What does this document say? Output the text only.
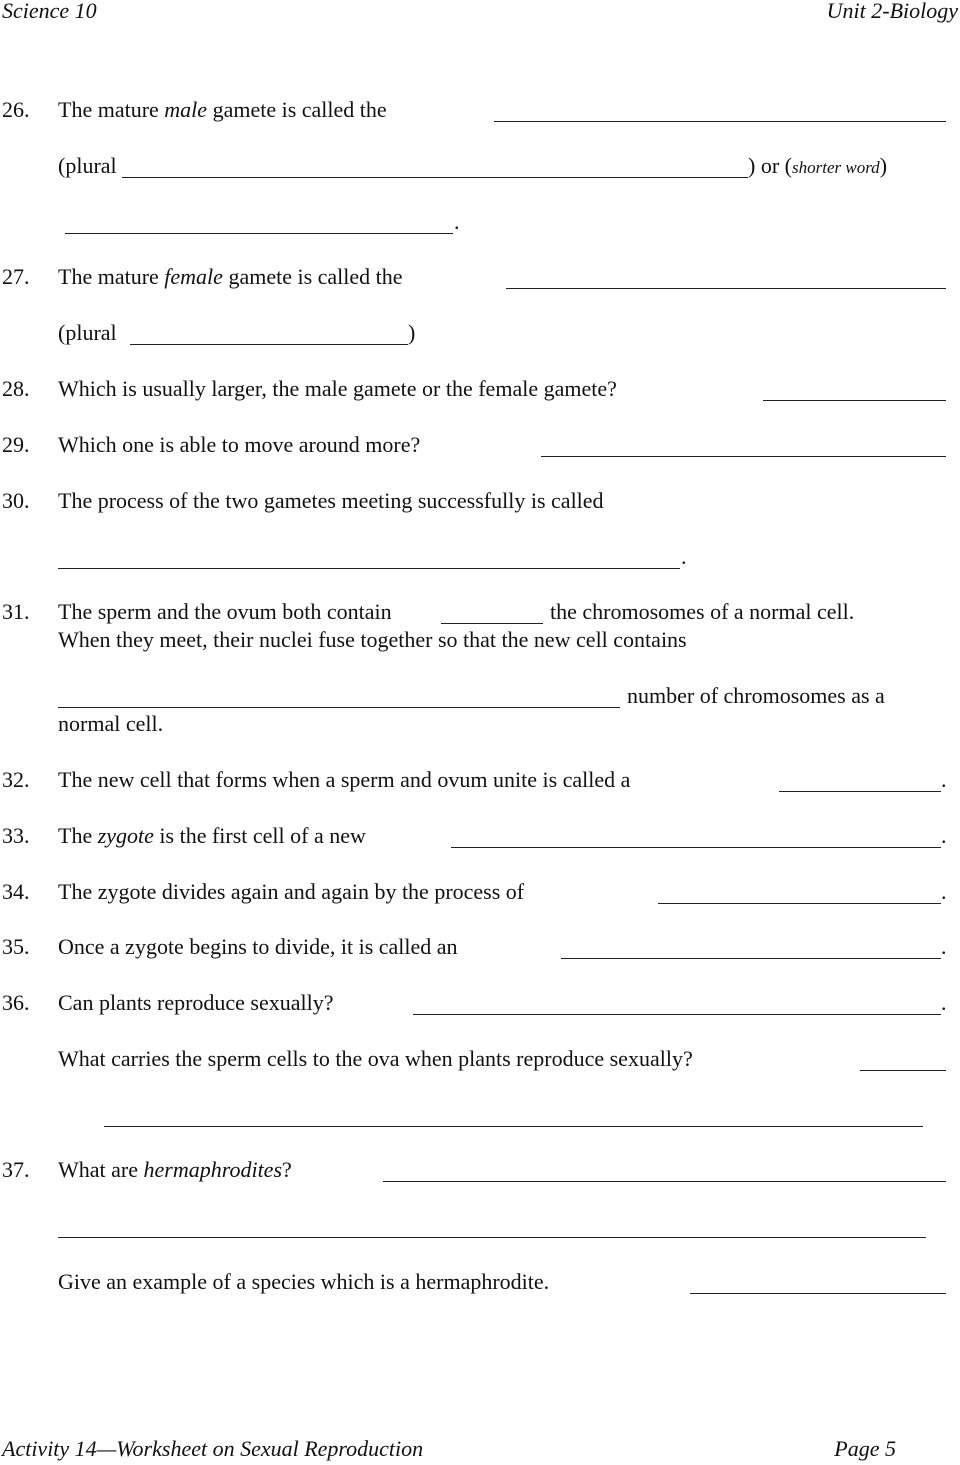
Science 10	Unit 2-Biology
26. The mature male gamete is called the
(plural	) or (shorter word)
.
27. The mature female gamete is called the
(plural	)
28. Which is usually larger, the male gamete or the female gamete?
29. Which one is able to move around more?
30. The process of the two gametes meeting successfully is called
.
31. The sperm and the ovum both contain	the chromosomes of a normal cell.
When they meet, their nuclei fuse together so that the new cell contains
number of chromosomes as a
normal cell.
32. The new cell that forms when a sperm and ovum unite is called a	.
33. The zygote is the first cell of a new	.
34. The zygote divides again and again by the process of	.
35. Once a zygote begins to divide, it is called an	.
36. Can plants reproduce sexually?	.
What carries the sperm cells to the ova when plants reproduce sexually?
37. What are hermaphrodites?
Give an example of a species which is a hermaphrodite.
Activity 14—Worksheet on Sexual Reproduction	Page 5
